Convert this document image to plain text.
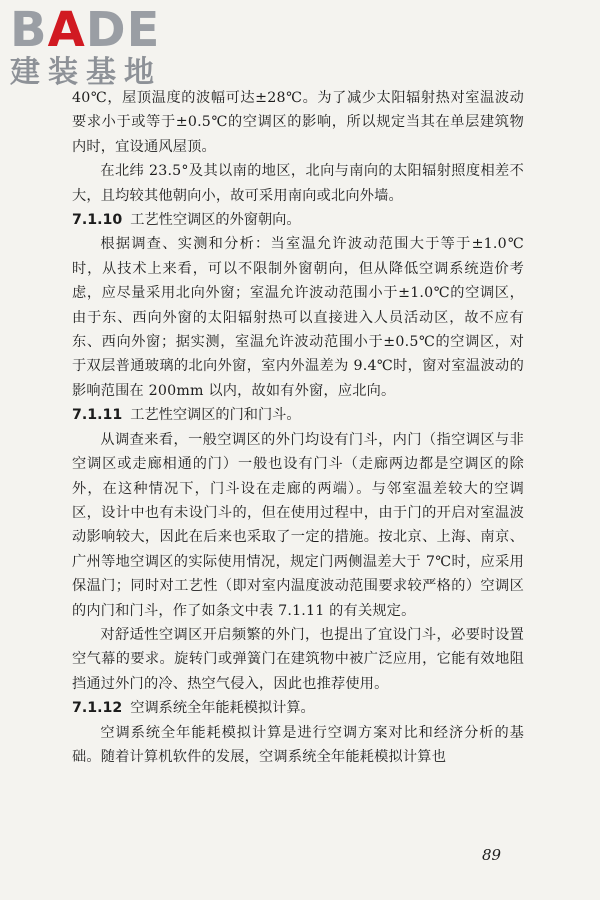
BADE
建装基地

40℃，屋顶温度的波幅可达±28℃。为了减少太阳辐射热对室温波动要求小于或等于±0.5℃的空调区的影响，所以规定当其在单层建筑物内时，宜设通风屋顶。

在北纬 23.5°及其以南的地区，北向与南向的太阳辐射照度相差不大，且均较其他朝向小，故可采用南向或北向外墙。

7.1.10 工艺性空调区的外窗朝向。

根据调查、实测和分析：当室温允许波动范围大于等于±1.0℃时，从技术上来看，可以不限制外窗朝向，但从降低空调系统造价考虑，应尽量采用北向外窗；室温允许波动范围小于±1.0℃的空调区，由于东、西向外窗的太阳辐射热可以直接进入人员活动区，故不应有东、西向外窗；据实测，室温允许波动范围小于±0.5℃的空调区，对于双层普通玻璃的北向外窗，室内外温差为 9.4℃时，窗对室温波动的影响范围在 200mm 以内，故如有外窗，应北向。

7.1.11 工艺性空调区的门和门斗。

从调查来看，一般空调区的外门均设有门斗，内门（指空调区与非空调区或走廊相通的门）一般也设有门斗（走廊两边都是空调区的除外，在这种情况下，门斗设在走廊的两端）。与邻室温差较大的空调区，设计中也有未设门斗的，但在使用过程中，由于门的开启对室温波动影响较大，因此在后来也采取了一定的措施。按北京、上海、南京、广州等地空调区的实际使用情况，规定门两侧温差大于 7℃时，应采用保温门；同时对工艺性（即对室内温度波动范围要求较严格的）空调区的内门和门斗，作了如条文中表 7.1.11 的有关规定。

对舒适性空调区开启频繁的外门，也提出了宜设门斗，必要时设置空气幕的要求。旋转门或弹簧门在建筑物中被广泛应用，它能有效地阻挡通过外门的冷、热空气侵入，因此也推荐使用。

7.1.12 空调系统全年能耗模拟计算。

空调系统全年能耗模拟计算是进行空调方案对比和经济分析的基础。随着计算机软件的发展，空调系统全年能耗模拟计算也

89
